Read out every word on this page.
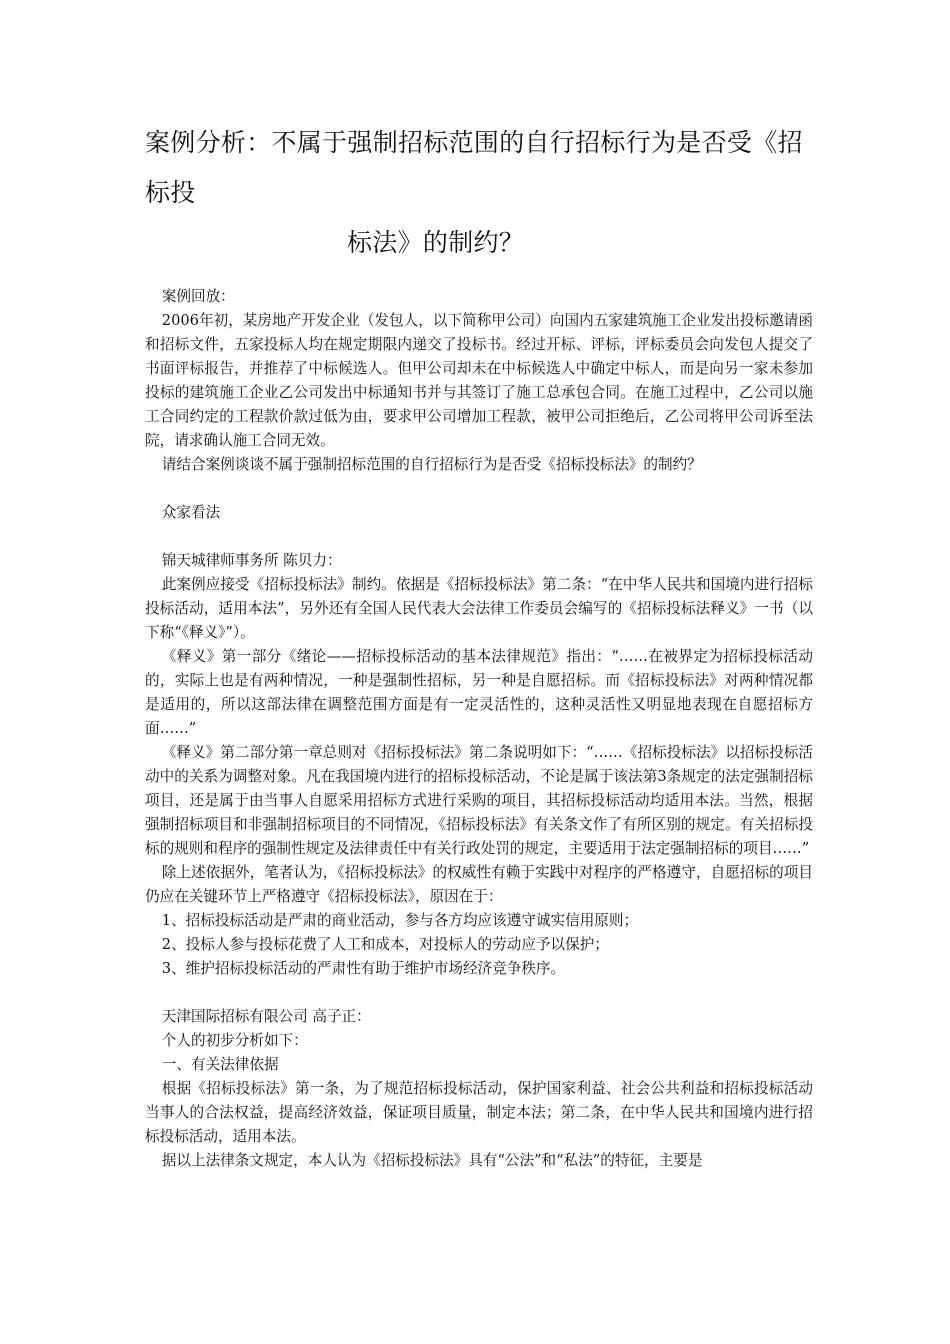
案例分析：不属于强制招标范围的自行招标行为是否受《招标投
标法》的制约？

案例回放：

2006年初，某房地产开发企业（发包人，以下简称甲公司）向国内五家建筑施工企业发出投标邀请函和招标文件，五家投标人均在规定期限内递交了投标书。经过开标、评标，评标委员会向发包人提交了书面评标报告，并推荐了中标候选人。但甲公司却未在中标候选人中确定中标人，而是向另一家未参加投标的建筑施工企业乙公司发出中标通知书并与其签订了施工总承包合同。在施工过程中，乙公司以施工合同约定的工程款价款过低为由，要求甲公司增加工程款，被甲公司拒绝后，乙公司将甲公司诉至法院，请求确认施工合同无效。

请结合案例谈谈不属于强制招标范围的自行招标行为是否受《招标投标法》的制约？

众家看法

锦天城律师事务所 陈贝力：

此案例应接受《招标投标法》制约。依据是《招标投标法》第二条：“在中华人民共和国境内进行招标投标活动，适用本法”，另外还有全国人民代表大会法律工作委员会编写的《招标投标法释义》一书（以下称“《释义》”）。

《释义》第一部分《绪论——招标投标活动的基本法律规范》指出：“……在被界定为招标投标活动的，实际上也是有两种情况，一种是强制性招标，另一种是自愿招标。而《招标投标法》对两种情况都是适用的，所以这部法律在调整范围方面是有一定灵活性的，这种灵活性又明显地表现在自愿招标方面……”

《释义》第二部分第一章总则对《招标投标法》第二条说明如下：“……《招标投标法》以招标投标活动中的关系为调整对象。凡在我国境内进行的招标投标活动，不论是属于该法第3条规定的法定强制招标项目，还是属于由当事人自愿采用招标方式进行采购的项目，其招标投标活动均适用本法。当然，根据强制招标项目和非强制招标项目的不同情况，《招标投标法》有关条文作了有所区别的规定。有关招标投标的规则和程序的强制性规定及法律责任中有关行政处罚的规定，主要适用于法定强制招标的项目……”

除上述依据外，笔者认为，《招标投标法》的权威性有赖于实践中对程序的严格遵守，自愿招标的项目仍应在关键环节上严格遵守《招标投标法》，原因在于：

1、招标投标活动是严肃的商业活动，参与各方均应该遵守诚实信用原则；

2、投标人参与投标花费了人工和成本，对投标人的劳动应予以保护；

3、维护招标投标活动的严肃性有助于维护市场经济竞争秩序。

天津国际招标有限公司 高子正：

个人的初步分析如下：

一、有关法律依据

根据《招标投标法》第一条，为了规范招标投标活动，保护国家利益、社会公共利益和招标投标活动当事人的合法权益，提高经济效益，保证项目质量，制定本法；第二条，在中华人民共和国境内进行招标投标活动，适用本法。

据以上法律条文规定，本人认为《招标投标法》具有“公法”和“私法”的特征，主要是
